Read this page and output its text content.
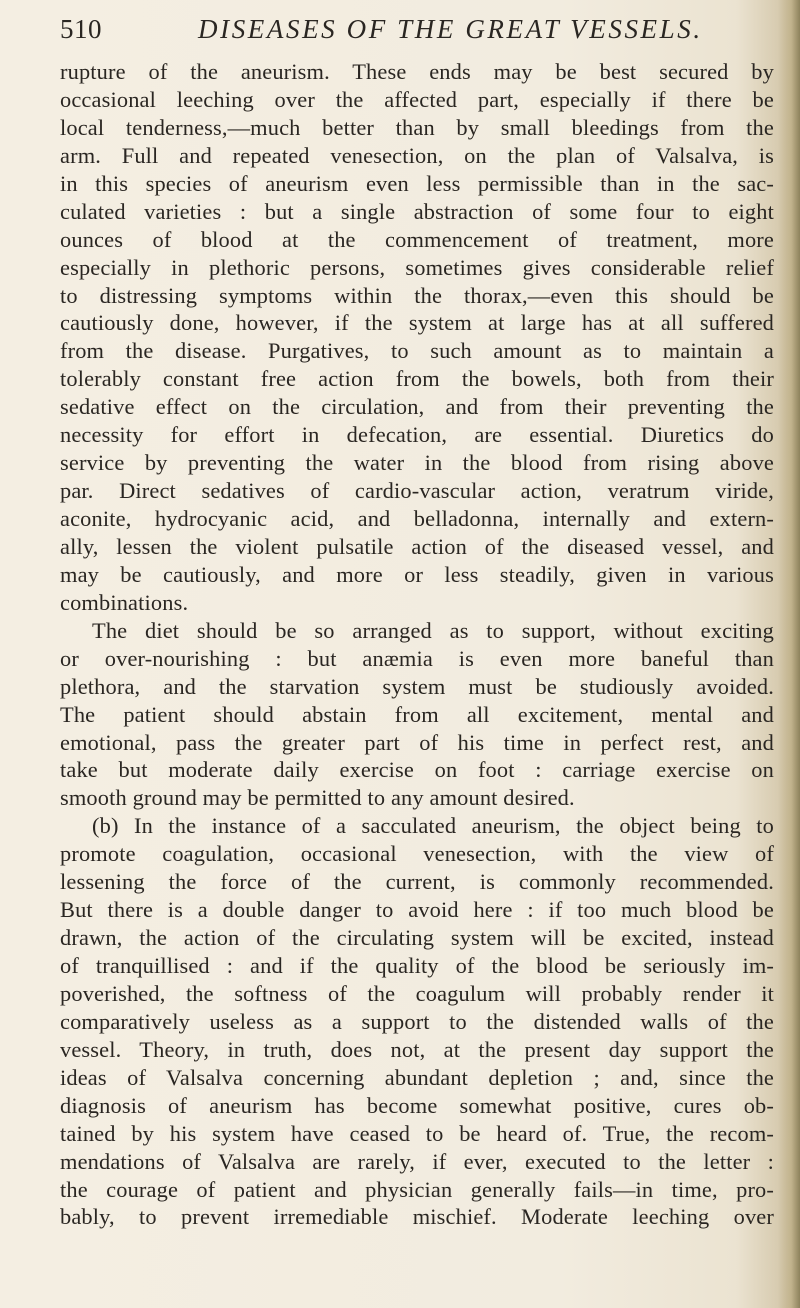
510	DISEASES OF THE GREAT VESSELS.
rupture of the aneurism. These ends may be best secured by
occasional leeching over the affected part, especially if there be
local tenderness,—much better than by small bleedings from the
arm. Full and repeated venesection, on the plan of Valsalva, is
in this species of aneurism even less permissible than in the sac-
culated varieties : but a single abstraction of some four to eight
ounces of blood at the commencement of treatment, more
especially in plethoric persons, sometimes gives considerable relief
to distressing symptoms within the thorax,—even this should be
cautiously done, however, if the system at large has at all suffered
from the disease. Purgatives, to such amount as to maintain a
tolerably constant free action from the bowels, both from their
sedative effect on the circulation, and from their preventing the
necessity for effort in defecation, are essential. Diuretics do
service by preventing the water in the blood from rising above
par. Direct sedatives of cardio-vascular action, veratrum viride,
aconite, hydrocyanic acid, and belladonna, internally and extern-
ally, lessen the violent pulsatile action of the diseased vessel, and
may be cautiously, and more or less steadily, given in various
combinations.
The diet should be so arranged as to support, without exciting
or over-nourishing : but anæmia is even more baneful than
plethora, and the starvation system must be studiously avoided.
The patient should abstain from all excitement, mental and
emotional, pass the greater part of his time in perfect rest, and
take but moderate daily exercise on foot : carriage exercise on
smooth ground may be permitted to any amount desired.
(b) In the instance of a sacculated aneurism, the object being to
promote coagulation, occasional venesection, with the view of
lessening the force of the current, is commonly recommended.
But there is a double danger to avoid here : if too much blood be
drawn, the action of the circulating system will be excited, instead
of tranquillised : and if the quality of the blood be seriously im-
poverished, the softness of the coagulum will probably render it
comparatively useless as a support to the distended walls of the
vessel. Theory, in truth, does not, at the present day support the
ideas of Valsalva concerning abundant depletion ; and, since the
diagnosis of aneurism has become somewhat positive, cures ob-
tained by his system have ceased to be heard of. True, the recom-
mendations of Valsalva are rarely, if ever, executed to the letter :
the courage of patient and physician generally fails—in time, pro-
bably, to prevent irremediable mischief. Moderate leeching over
